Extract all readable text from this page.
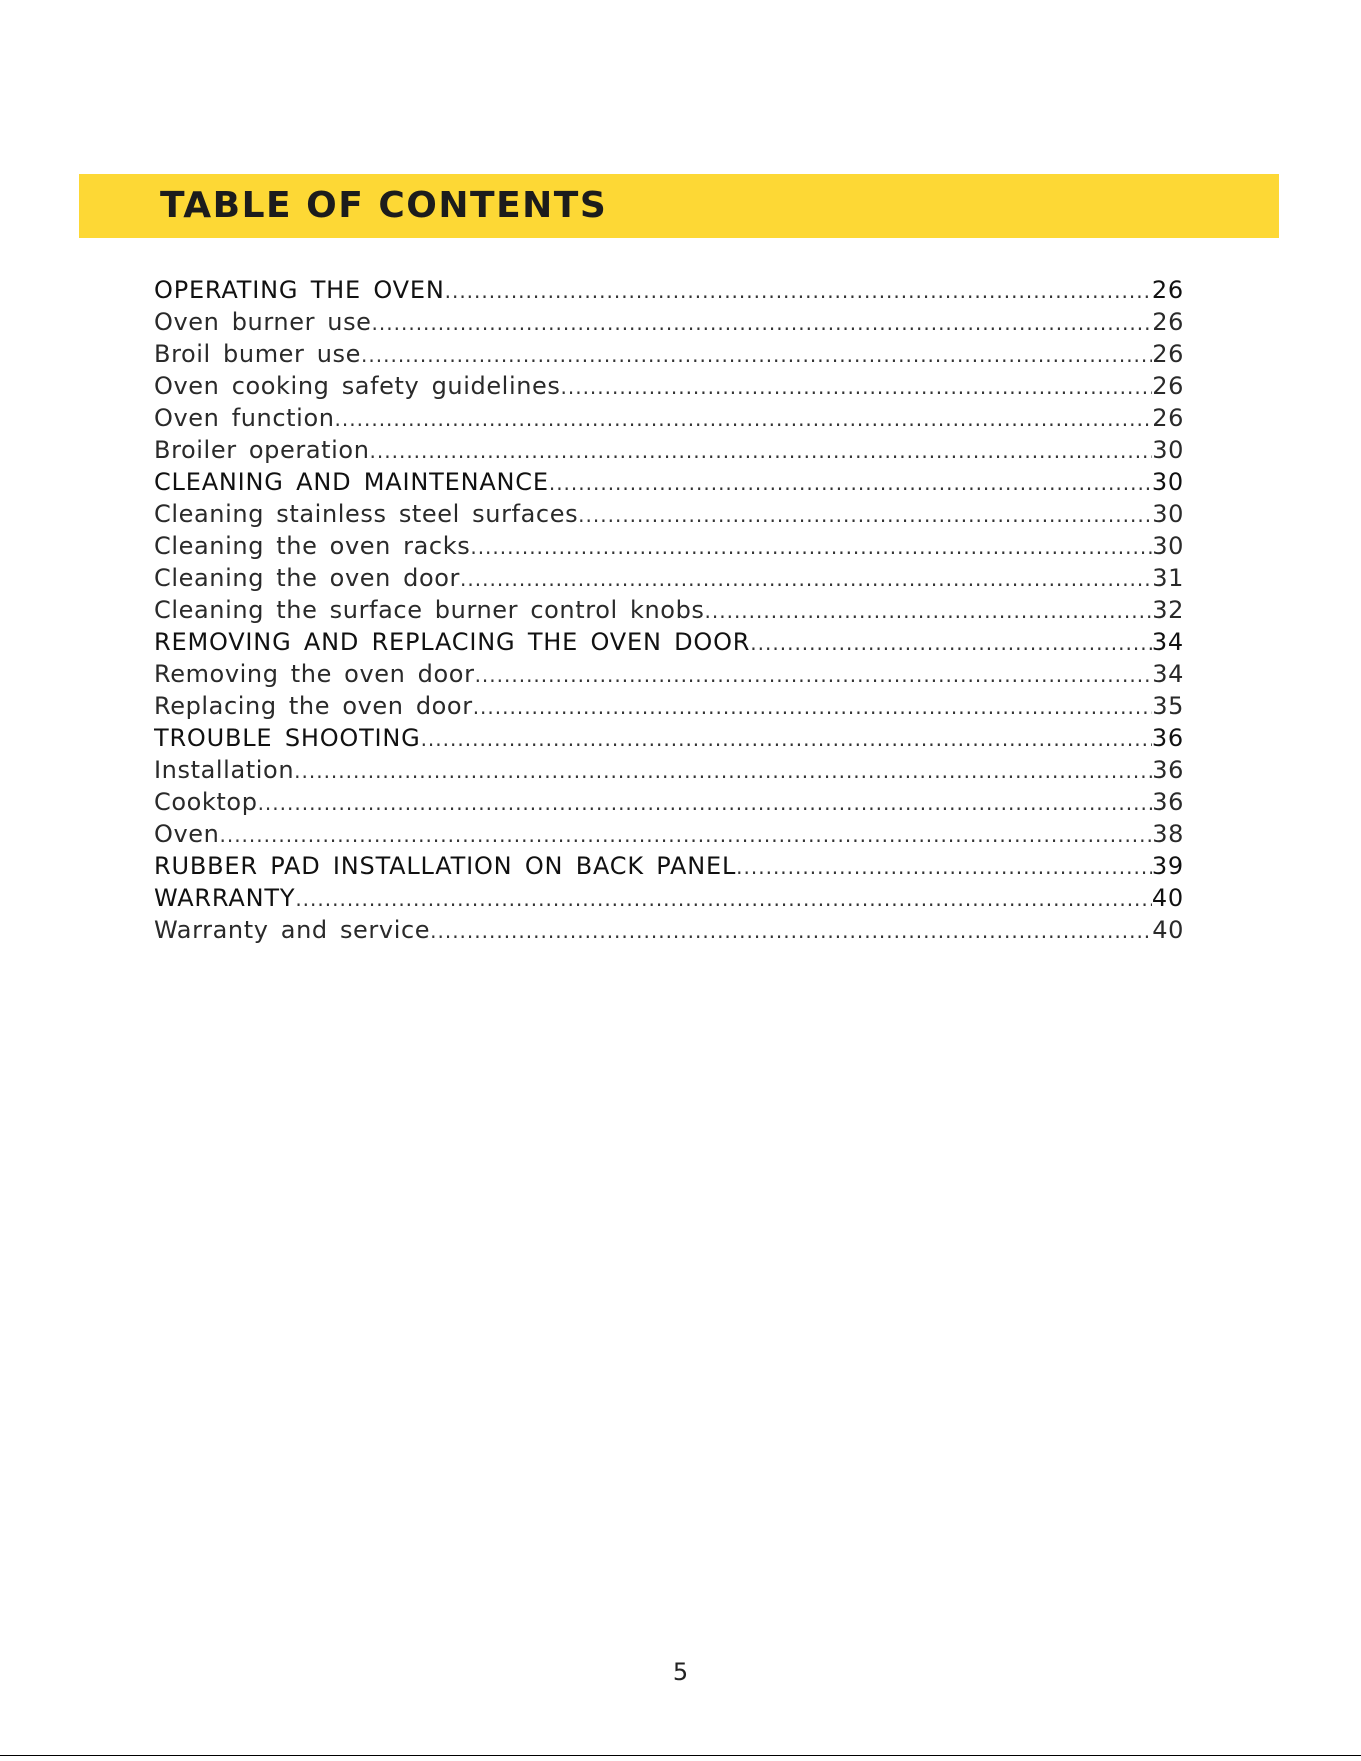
TABLE OF CONTENTS
OPERATING THE OVEN .....	26
Oven burner use .....	26
Broil bumer use .....	26
Oven cooking safety guidelines .....	26
Oven function .....	26
Broiler operation .....	30
CLEANING AND MAINTENANCE .....	30
Cleaning stainless steel surfaces .....	30
Cleaning the oven racks .....	30
Cleaning the oven door .....	31
Cleaning the surface burner control knobs .....	32
REMOVING AND REPLACING THE OVEN DOOR .....	34
Removing the oven door .....	34
Replacing the oven door .....	35
TROUBLE SHOOTING .....	36
Installation .....	36
Cooktop .....	36
Oven .....	38
RUBBER PAD INSTALLATION ON BACK PANEL .....	39
WARRANTY .....	40
Warranty and service .....	40
5
